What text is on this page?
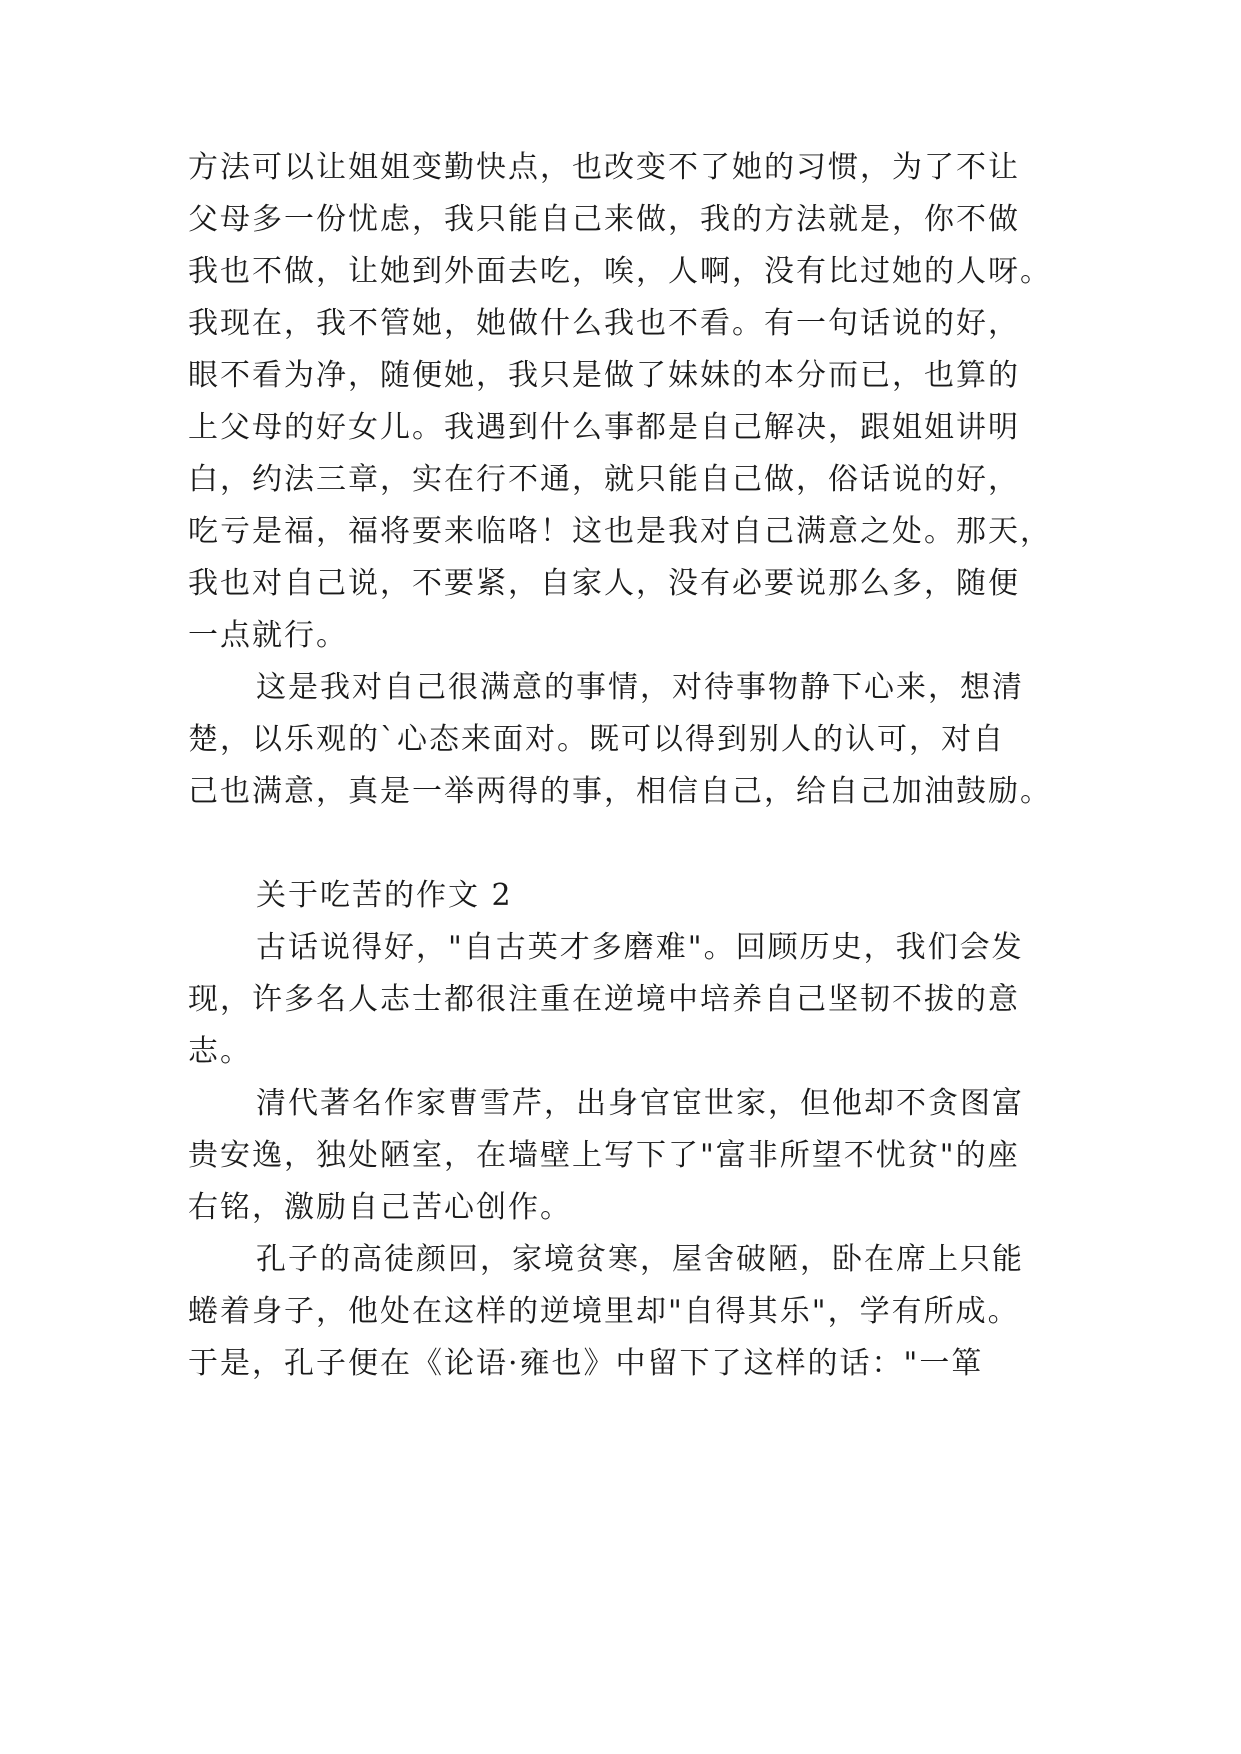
方法可以让姐姐变勤快点，也改变不了她的习惯，为了不让
父母多一份忧虑，我只能自己来做，我的方法就是，你不做
我也不做，让她到外面去吃，唉，人啊，没有比过她的人呀。
我现在，我不管她，她做什么我也不看。有一句话说的好，
眼不看为净，随便她，我只是做了妹妹的本分而已，也算的
上父母的好女儿。我遇到什么事都是自己解决，跟姐姐讲明
白，约法三章，实在行不通，就只能自己做，俗话说的好，
吃亏是福，福将要来临咯！这也是我对自己满意之处。那天，
我也对自己说，不要紧，自家人，没有必要说那么多，随便
一点就行。
这是我对自己很满意的事情，对待事物静下心来，想清
楚，以乐观的`心态来面对。既可以得到别人的认可，对自
己也满意，真是一举两得的事，相信自己，给自己加油鼓励。
关于吃苦的作文 2
古话说得好，"自古英才多磨难"。回顾历史，我们会发
现，许多名人志士都很注重在逆境中培养自己坚韧不拔的意
志。
清代著名作家曹雪芹，出身官宦世家，但他却不贪图富
贵安逸，独处陋室，在墙壁上写下了"富非所望不忧贫"的座
右铭，激励自己苦心创作。
孔子的高徒颜回，家境贫寒，屋舍破陋，卧在席上只能
蜷着身子，他处在这样的逆境里却"自得其乐"，学有所成。
于是，孔子便在《论语·雍也》中留下了这样的话："一箪
